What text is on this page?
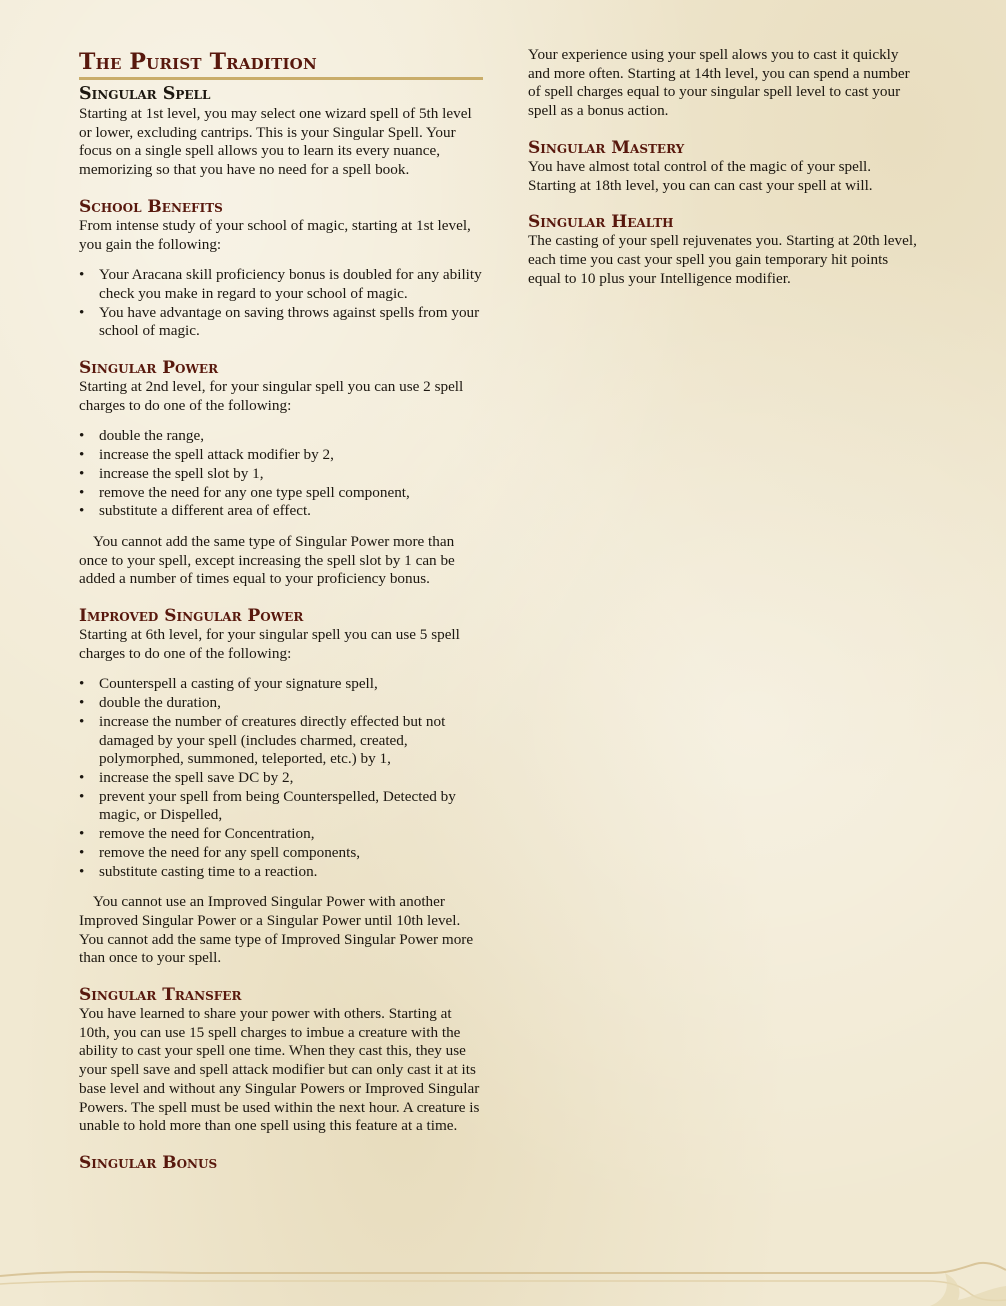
The Purist Tradition
Singular Spell

Starting at 1st level, you may select one wizard spell of 5th level or lower, excluding cantrips. This is your Singular Spell. Your focus on a single spell allows you to learn its every nuance, memorizing so that you have no need for a spell book.

School Benefits

From intense study of your school of magic, starting at 1st level, you gain the following:

• Your Aracana skill proficiency bonus is doubled for any ability check you make in regard to your school of magic.
• You have advantage on saving throws against spells from your school of magic.
Singular Power

Starting at 2nd level, for your singular spell you can use 2 spell charges to do one of the following:

• double the range,
• increase the spell attack modifier by 2,
• increase the spell slot by 1,
• remove the need for any one type spell component,
• substitute a different area of effect.

You cannot add the same type of Singular Power more than once to your spell, except increasing the spell slot by 1 can be added a number of times equal to your proficiency bonus.

Improved Singular Power

Starting at 6th level, for your singular spell you can use 5 spell charges to do one of the following:

• Counterspell a casting of your signature spell,
• double the duration,
• increase the number of creatures directly effected but not damaged by your spell (includes charmed, created, polymorphed, summoned, teleported, etc.) by 1,
• increase the spell save DC by 2,
• prevent your spell from being Counterspelled, Detected by magic, or Dispelled,
• remove the need for Concentration,
• remove the need for any spell components,
• substitute casting time to a reaction.

You cannot use an Improved Singular Power with another Improved Singular Power or a Singular Power until 10th level. You cannot add the same type of Improved Singular Power more than once to your spell.

Singular Transfer

You have learned to share your power with others. Starting at 10th, you can use 15 spell charges to imbue a creature with the ability to cast your spell one time. When they cast this, they use your spell save and spell attack modifier but can only cast it at its base level and without any Singular Powers or Improved Singular Powers. The spell must be used within the next hour. A creature is unable to hold more than one spell using this feature at a time.

Singular Bonus

Your experience using your spell alows you to cast it quickly and more often. Starting at 14th level, you can spend a number of spell charges equal to your singular spell level to cast your spell as a bonus action.

Singular Mastery

You have almost total control of the magic of your spell. Starting at 18th level, you can can cast your spell at will.

Singular Health

The casting of your spell rejuvenates you. Starting at 20th level, each time you cast your spell you gain temporary hit points equal to 10 plus your Intelligence modifier.
